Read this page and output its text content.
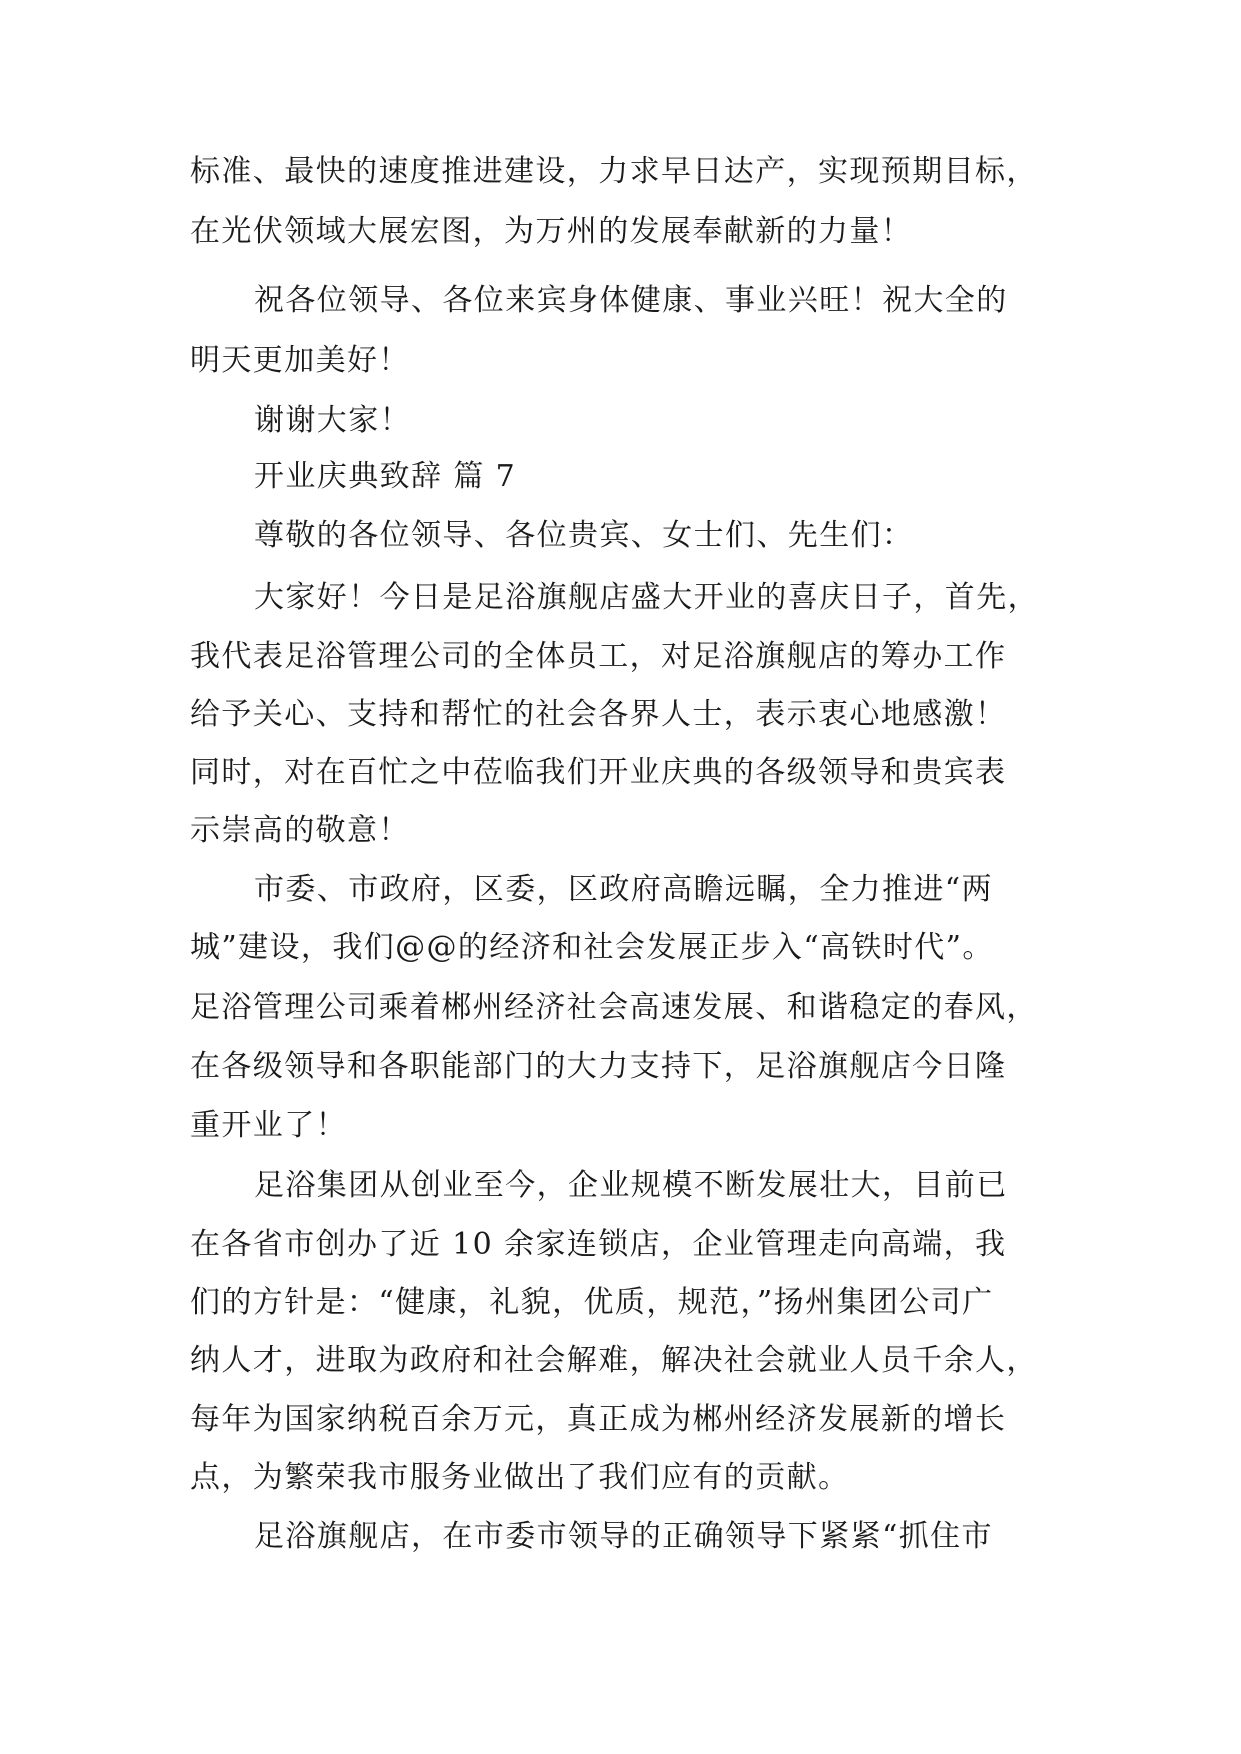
标准、最快的速度推进建设，力求早日达产，实现预期目标，
在光伏领域大展宏图，为万州的发展奉献新的力量！
祝各位领导、各位来宾身体健康、事业兴旺！祝大全的
明天更加美好！
谢谢大家！
开业庆典致辞 篇 7
尊敬的各位领导、各位贵宾、女士们、先生们：
大家好！今日是足浴旗舰店盛大开业的喜庆日子，首先，
我代表足浴管理公司的全体员工，对足浴旗舰店的筹办工作
给予关心、支持和帮忙的社会各界人士，表示衷心地感激！
同时，对在百忙之中莅临我们开业庆典的各级领导和贵宾表
示崇高的敬意！
市委、市政府，区委，区政府高瞻远瞩，全力推进“两
城”建设，我们@@的经济和社会发展正步入“高铁时代”。
足浴管理公司乘着郴州经济社会高速发展、和谐稳定的春风，
在各级领导和各职能部门的大力支持下，足浴旗舰店今日隆
重开业了！
足浴集团从创业至今，企业规模不断发展壮大，目前已
在各省市创办了近 10 余家连锁店，企业管理走向高端，我
们的方针是：“健康，礼貌，优质，规范，”扬州集团公司广
纳人才，进取为政府和社会解难，解决社会就业人员千余人，
每年为国家纳税百余万元，真正成为郴州经济发展新的增长
点，为繁荣我市服务业做出了我们应有的贡献。
足浴旗舰店，在市委市领导的正确领导下紧紧“抓住市
